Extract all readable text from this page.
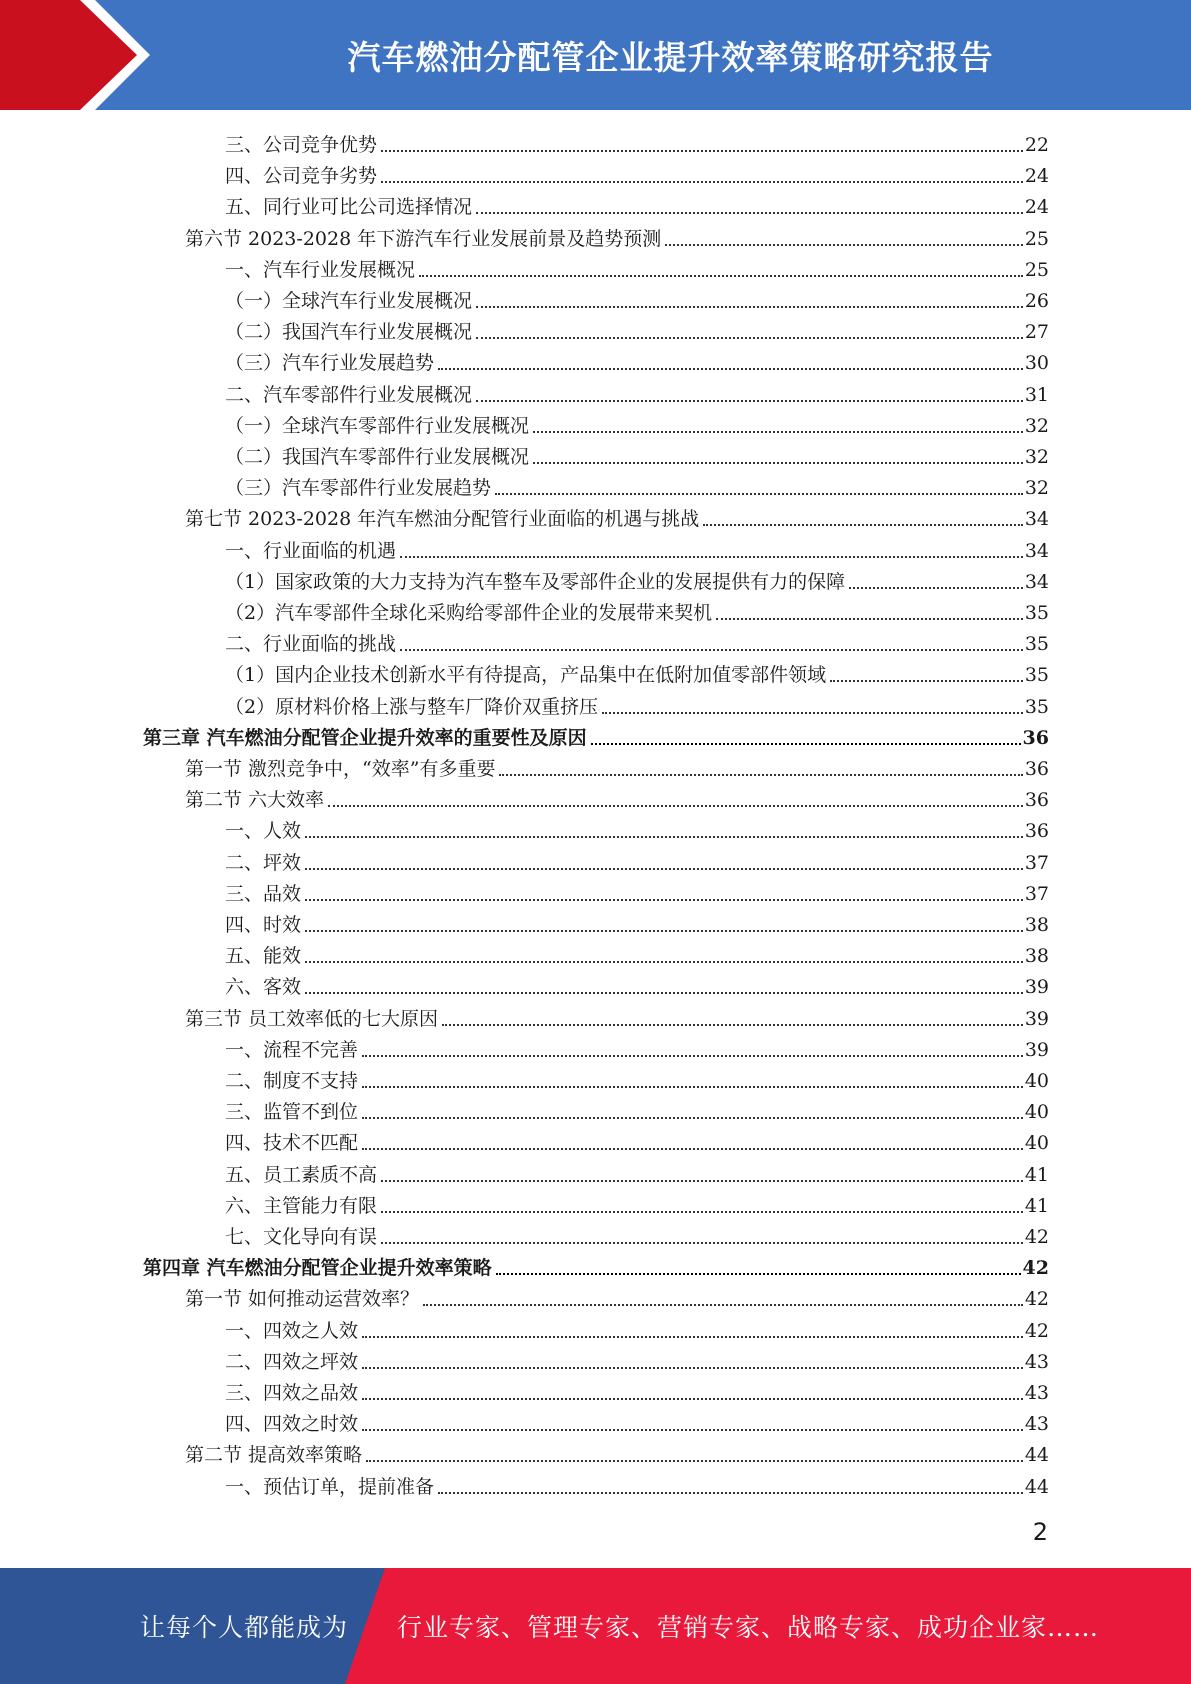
汽车燃油分配管企业提升效率策略研究报告
三、公司竞争优势	22
四、公司竞争劣势	24
五、同行业可比公司选择情况	24
第六节 2023-2028 年下游汽车行业发展前景及趋势预测	25
一、汽车行业发展概况	25
（一）全球汽车行业发展概况	26
（二）我国汽车行业发展概况	27
（三）汽车行业发展趋势	30
二、汽车零部件行业发展概况	31
（一）全球汽车零部件行业发展概况	32
（二）我国汽车零部件行业发展概况	32
（三）汽车零部件行业发展趋势	32
第七节 2023-2028 年汽车燃油分配管行业面临的机遇与挑战	34
一、行业面临的机遇	34
（1）国家政策的大力支持为汽车整车及零部件企业的发展提供有力的保障	34
（2）汽车零部件全球化采购给零部件企业的发展带来契机	35
二、行业面临的挑战	35
（1）国内企业技术创新水平有待提高，产品集中在低附加值零部件领域	35
（2）原材料价格上涨与整车厂降价双重挤压	35
第三章 汽车燃油分配管企业提升效率的重要性及原因	36
第一节 激烈竞争中，“效率”有多重要	36
第二节 六大效率	36
一、人效	36
二、坪效	37
三、品效	37
四、时效	38
五、能效	38
六、客效	39
第三节 员工效率低的七大原因	39
一、流程不完善	39
二、制度不支持	40
三、监管不到位	40
四、技术不匹配	40
五、员工素质不高	41
六、主管能力有限	41
七、文化导向有误	42
第四章 汽车燃油分配管企业提升效率策略	42
第一节 如何推动运营效率？	42
一、四效之人效	42
二、四效之坪效	43
三、四效之品效	43
四、四效之时效	43
第二节 提高效率策略	44
一、预估订单，提前准备	44
2
让每个人都能成为 行业专家、管理专家、营销专家、战略专家、成功企业家……
